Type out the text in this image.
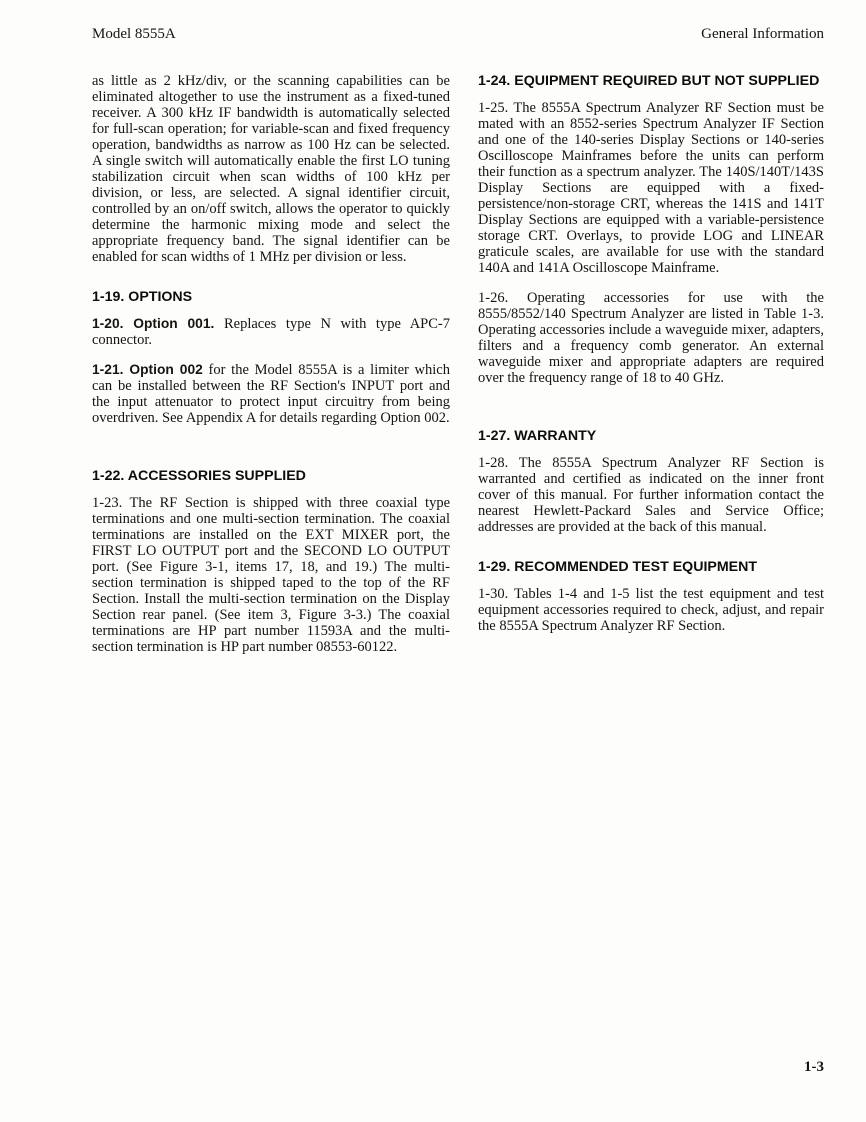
Model 8555A	General Information

as little as 2 kHz/div, or the scanning capabilities can be eliminated altogether to use the instrument as a fixed-tuned receiver. A 300 kHz IF bandwidth is automatically selected for full-scan operation; for variable-scan and fixed frequency operation, bandwidths as narrow as 100 Hz can be selected. A single switch will automatically enable the first LO tuning stabilization circuit when scan widths of 100 kHz per division, or less, are selected. A signal identifier circuit, controlled by an on/off switch, allows the operator to quickly determine the harmonic mixing mode and select the appropriate frequency band. The signal identifier can be enabled for scan widths of 1 MHz per division or less.

1-19. OPTIONS

1-20. Option 001. Replaces type N with type APC-7 connector.

1-21. Option 002 for the Model 8555A is a limiter which can be installed between the RF Section's INPUT port and the input attenuator to protect input circuitry from being overdriven. See Appendix A for details regarding Option 002.

1-22. ACCESSORIES SUPPLIED

1-23. The RF Section is shipped with three coaxial type terminations and one multi-section termination. The coaxial terminations are installed on the EXT MIXER port, the FIRST LO OUTPUT port and the SECOND LO OUTPUT port. (See Figure 3-1, items 17, 18, and 19.) The multi-section termination is shipped taped to the top of the RF Section. Install the multi-section termination on the Display Section rear panel. (See item 3, Figure 3-3.) The coaxial terminations are HP part number 11593A and the multi-section termination is HP part number 08553-60122.

1-24. EQUIPMENT REQUIRED BUT NOT SUPPLIED

1-25. The 8555A Spectrum Analyzer RF Section must be mated with an 8552-series Spectrum Analyzer IF Section and one of the 140-series Display Sections or 140-series Oscilloscope Mainframes before the units can perform their function as a spectrum analyzer. The 140S/140T/143S Display Sections are equipped with a fixed-persistence/non-storage CRT, whereas the 141S and 141T Display Sections are equipped with a variable-persistence storage CRT. Overlays, to provide LOG and LINEAR graticule scales, are available for use with the standard 140A and 141A Oscilloscope Mainframe.

1-26. Operating accessories for use with the 8555/8552/140 Spectrum Analyzer are listed in Table 1-3. Operating accessories include a waveguide mixer, adapters, filters and a frequency comb generator. An external waveguide mixer and appropriate adapters are required over the frequency range of 18 to 40 GHz.

1-27. WARRANTY

1-28. The 8555A Spectrum Analyzer RF Section is warranted and certified as indicated on the inner front cover of this manual. For further information contact the nearest Hewlett-Packard Sales and Service Office; addresses are provided at the back of this manual.

1-29. RECOMMENDED TEST EQUIPMENT

1-30. Tables 1-4 and 1-5 list the test equipment and test equipment accessories required to check, adjust, and repair the 8555A Spectrum Analyzer RF Section.

1-3
